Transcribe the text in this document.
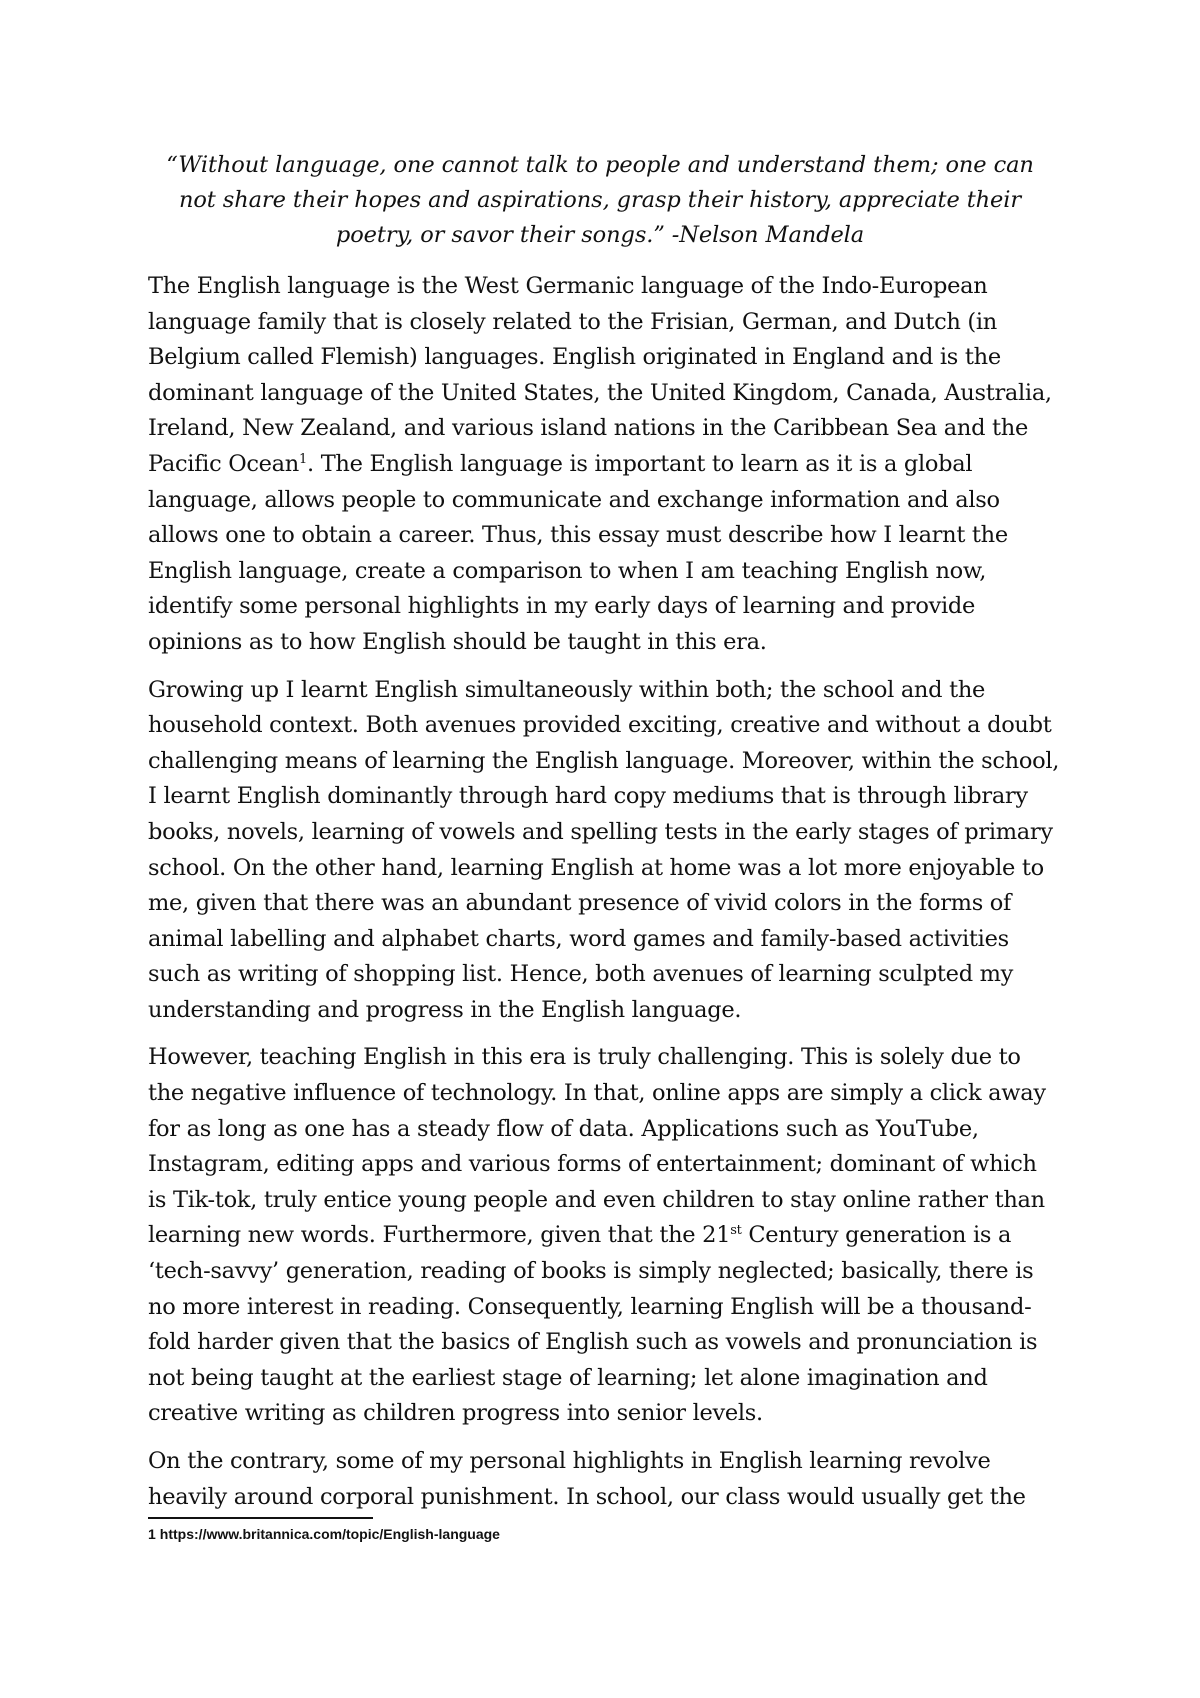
“Without language, one cannot talk to people and understand them; one can not share their hopes and aspirations, grasp their history, appreciate their poetry, or savor their songs.” -Nelson Mandela

The English language is the West Germanic language of the Indo-European language family that is closely related to the Frisian, German, and Dutch (in Belgium called Flemish) languages. English originated in England and is the dominant language of the United States, the United Kingdom, Canada, Australia, Ireland, New Zealand, and various island nations in the Caribbean Sea and the Pacific Ocean$^1$. The English language is important to learn as it is a global language, allows people to communicate and exchange information and also allows one to obtain a career. Thus, this essay must describe how I learnt the English language, create a comparison to when I am teaching English now, identify some personal highlights in my early days of learning and provide opinions as to how English should be taught in this era.

Growing up I learnt English simultaneously within both; the school and the household context. Both avenues provided exciting, creative and without a doubt challenging means of learning the English language. Moreover, within the school, I learnt English dominantly through hard copy mediums that is through library books, novels, learning of vowels and spelling tests in the early stages of primary school. On the other hand, learning English at home was a lot more enjoyable to me, given that there was an abundant presence of vivid colors in the forms of animal labelling and alphabet charts, word games and family-based activities such as writing of shopping list. Hence, both avenues of learning sculpted my understanding and progress in the English language.

However, teaching English in this era is truly challenging. This is solely due to the negative influence of technology. In that, online apps are simply a click away for as long as one has a steady flow of data. Applications such as YouTube, Instagram, editing apps and various forms of entertainment; dominant of which is Tik-tok, truly entice young people and even children to stay online rather than learning new words. Furthermore, given that the 21st Century generation is a ‘tech-savvy’ generation, reading of books is simply neglected; basically, there is no more interest in reading. Consequently, learning English will be a thousand-fold harder given that the basics of English such as vowels and pronunciation is not being taught at the earliest stage of learning; let alone imagination and creative writing as children progress into senior levels.

On the contrary, some of my personal highlights in English learning revolve heavily around corporal punishment. In school, our class would usually get the

1 https://www.britannica.com/topic/English-language
